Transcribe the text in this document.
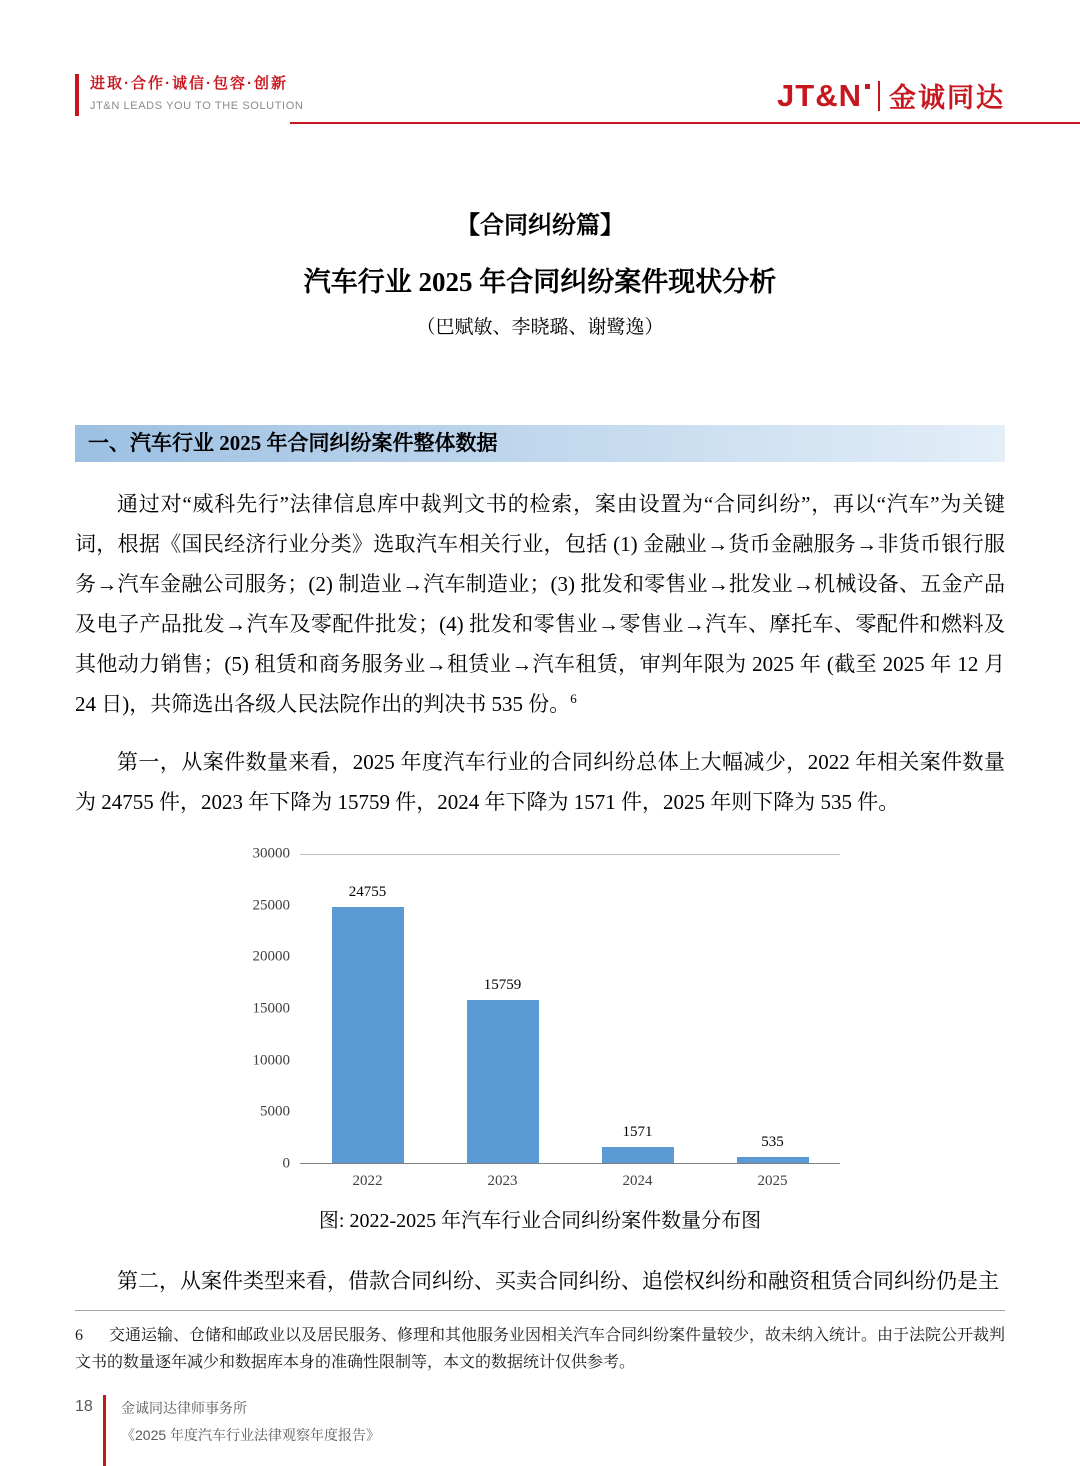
进取·合作·诚信·包容·创新
JT&N LEADS YOU TO THE SOLUTION	JT&N 金诚同达
【合同纠纷篇】
汽车行业 2025 年合同纠纷案件现状分析
（巴赋敏、李晓璐、谢鹭逸）
一、汽车行业 2025 年合同纠纷案件整体数据

通过对“威科先行”法律信息库中裁判文书的检索，案由设置为“合同纠纷”，再以“汽车”为关键词，根据《国民经济行业分类》选取汽车相关行业，包括 (1) 金融业→货币金融服务→非货币银行服务→汽车金融公司服务；(2) 制造业→汽车制造业；(3) 批发和零售业→批发业→机械设备、五金产品及电子产品批发→汽车及零配件批发；(4) 批发和零售业→零售业→汽车、摩托车、零配件和燃料及其他动力销售；(5) 租赁和商务服务业→租赁业→汽车租赁，审判年限为 2025 年 (截至 2025 年 12 月 24 日)，共筛选出各级人民法院作出的判决书 535 份。$^6$

第一，从案件数量来看，2025 年度汽车行业的合同纠纷总体上大幅减少，2022 年相关案件数量为 24755 件，2023 年下降为 15759 件，2024 年下降为 1571 件，2025 年则下降为 535 件。

0
5000
10000
15000
20000
25000
30000
24755
15759
1571
535
2022	2023	2024	2025
图: 2022-2025 年汽车行业合同纠纷案件数量分布图

第二，从案件类型来看，借款合同纠纷、买卖合同纠纷、追偿权纠纷和融资租赁合同纠纷仍是主

6 交通运输、仓储和邮政业以及居民服务、修理和其他服务业因相关汽车合同纠纷案件量较少，故未纳入统计。由于法院公开裁判文书的数量逐年减少和数据库本身的准确性限制等，本文的数据统计仅供参考。

18	金诚同达律师事务所
《2025 年度汽车行业法律观察年度报告》
